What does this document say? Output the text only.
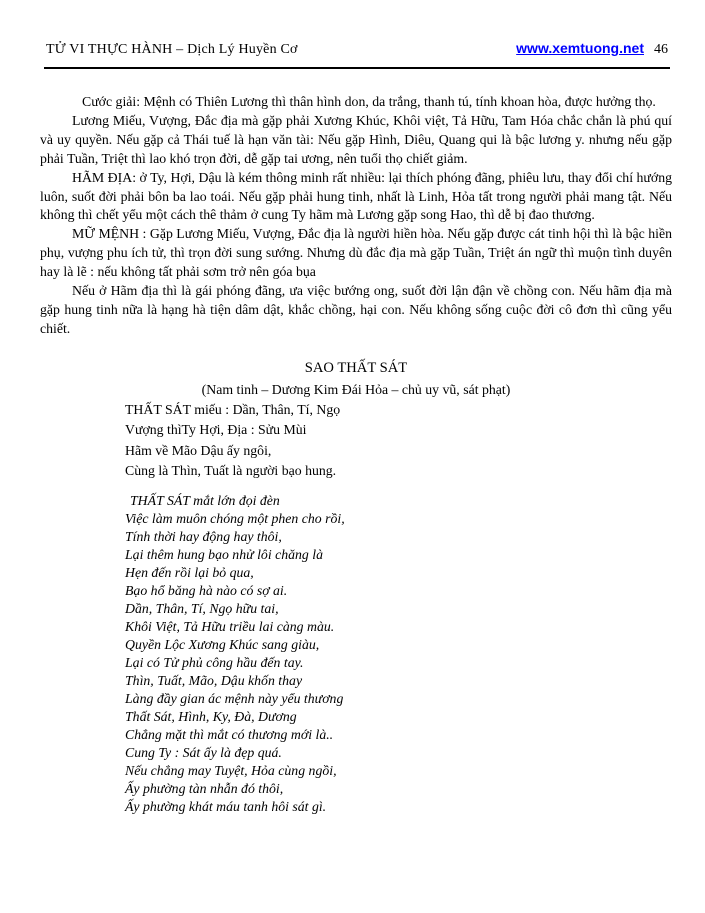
TỬ VI THỰC HÀNH – Dịch Lý Huyền Cơ	www.xemtuong.net 46

Cước giải: Mệnh có Thiên Lương thì thân hình don, da trắng, thanh tú, tính khoan hòa, được hưởng thọ.

Lương Miếu, Vượng, Đắc địa mà gặp phải Xương Khúc, Khôi việt, Tả Hữu, Tam Hóa chắc chắn là phú quí và uy quyền. Nếu gặp cả Thái tuế là hạn văn tài: Nếu gặp Hình, Diêu, Quang qui là bậc lương y. nhưng nếu gặp phải Tuần, Triệt thì lao khó trọn đời, dễ gặp tai ương, nên tuổi thọ chiết giảm.

HÃM ĐỊA: ở Ty, Hợi, Dậu là kém thông minh rất nhiều: lại thích phóng đãng, phiêu lưu, thay đổi chí hướng luôn, suốt đời phải bôn ba lao toái. Nếu gặp phải hung tinh, nhất là Linh, Hỏa tất trong người phải mang tật. Nếu không thì chết yểu một cách thê thảm ở cung Ty hãm mà Lương gặp song Hao, thì dễ bị đao thương.

MỮ MỆNH : Gặp Lương Miếu, Vượng, Đắc địa là người hiền hòa. Nếu gặp được cát tinh hội thì là bậc hiền phụ, vượng phu ích tử, thì trọn đời sung sướng. Nhưng dù đắc địa mà gặp Tuần, Triệt án ngữ thì muộn tình duyên hay là lẽ : nếu không tất phải sơm trở nên góa bụa

Nếu ở Hãm địa thì là gái phóng đãng, ưa việc bướng ong, suốt đời lận đận về chồng con. Nếu hãm địa mà gặp hung tinh nữa là hạng hà tiện dâm dật, khắc chồng, hại con. Nếu không sống cuộc đời cô đơn thì cũng yểu chiết.

SAO THẤT SÁT
(Nam tinh – Dương Kim Đái Hỏa – chủ uy vũ, sát phạt)
THẤT SÁT miếu : Dần, Thân, Tí, Ngọ
Vượng thìTy Hợi, Địa : Sửu Mùi
Hãm về Mão Dậu ấy ngôi,
Cùng là Thìn, Tuất là người bạo hung.
THẤT SÁT mắt lớn đọi đèn
Việc làm muôn chóng một phen cho rồi,
Tính thời hay động hay thôi,
Lại thêm hung bạo nhử lôi chăng là
Hẹn đến rồi lại bỏ qua,
Bạo hổ băng hà nào có sợ ai.
Dần, Thân, Tí, Ngọ hữu tai,
Khôi Việt, Tả Hữu triều lai càng màu.
Quyền Lộc Xương Khúc sang giàu,
Lại có Tử phủ công hầu đến tay.
Thìn, Tuất, Mão, Dậu khốn thay
Làng đầy gian ác mệnh này yểu thương
Thất Sát, Hình, Ky, Đà, Dương
Chẳng mặt thì mắt có thương mới là..
Cung Ty : Sát ấy là đẹp quá.
Nếu chẳng may Tuyệt, Hỏa cùng ngồi,
Ấy phường tàn nhẫn đó thôi,
Ấy phường khát máu tanh hôi sát gì.
